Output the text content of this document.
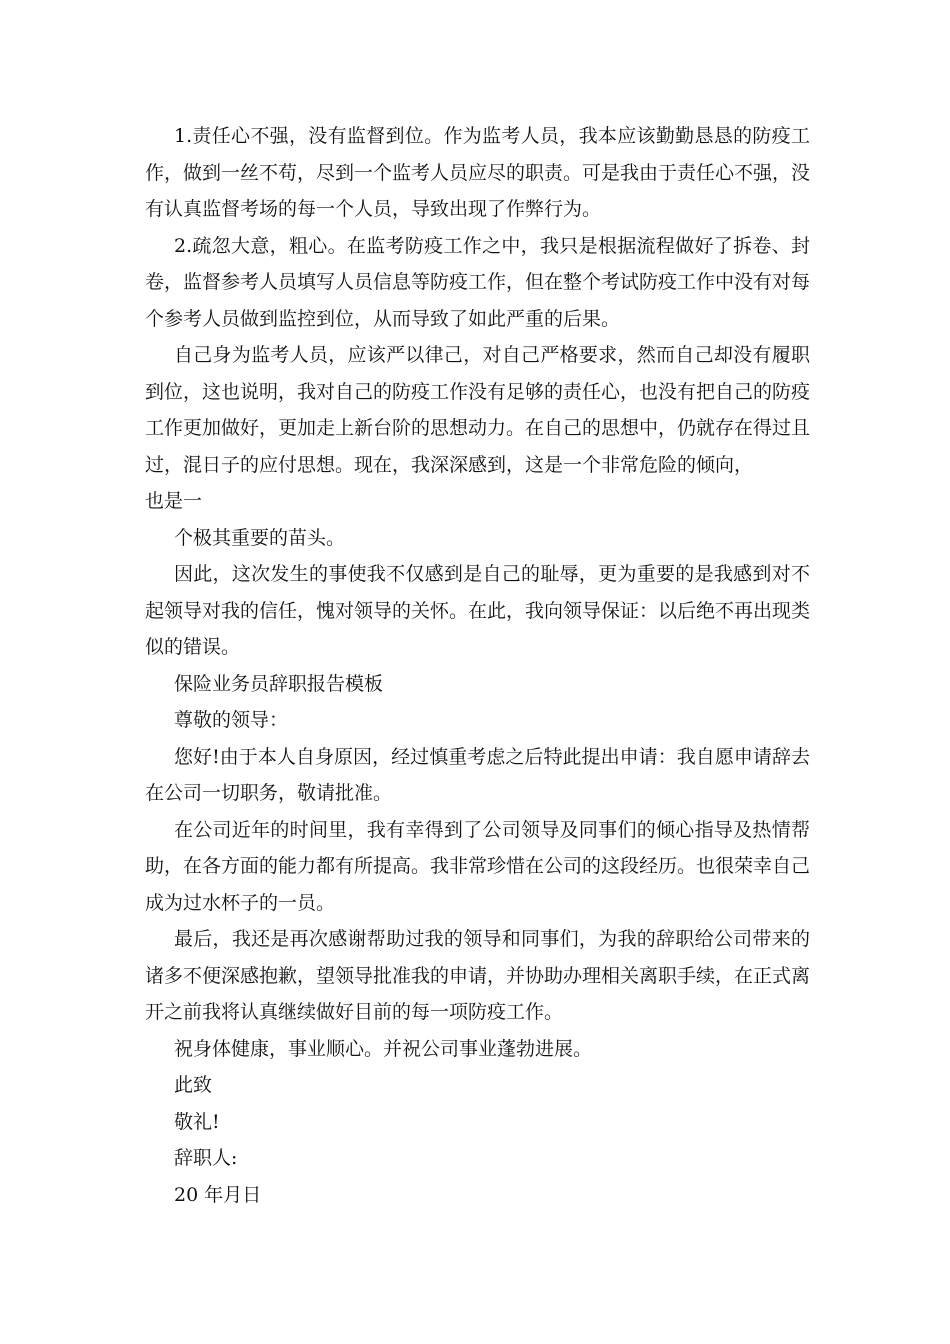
1.责任心不强，没有监督到位。作为监考人员，我本应该勤勤恳恳的防疫工作，做到一丝不苟，尽到一个监考人员应尽的职责。可是我由于责任心不强，没有认真监督考场的每一个人员，导致出现了作弊行为。

2.疏忽大意，粗心。在监考防疫工作之中，我只是根据流程做好了拆卷、封卷，监督参考人员填写人员信息等防疫工作，但在整个考试防疫工作中没有对每个参考人员做到监控到位，从而导致了如此严重的后果。

自己身为监考人员，应该严以律己，对自己严格要求，然而自己却没有履职到位，这也说明，我对自己的防疫工作没有足够的责任心，也没有把自己的防疫工作更加做好，更加走上新台阶的思想动力。在自己的思想中，仍就存在得过且过，混日子的应付思想。现在，我深深感到，这是一个非常危险的倾向，

也是一

个极其重要的苗头。

因此，这次发生的事使我不仅感到是自己的耻辱，更为重要的是我感到对不起领导对我的信任，愧对领导的关怀。在此，我向领导保证：以后绝不再出现类似的错误。

保险业务员辞职报告模板

尊敬的领导：

您好!由于本人自身原因，经过慎重考虑之后特此提出申请：我自愿申请辞去在公司一切职务，敬请批准。

在公司近年的时间里，我有幸得到了公司领导及同事们的倾心指导及热情帮助，在各方面的能力都有所提高。我非常珍惜在公司的这段经历。也很荣幸自己成为过水杯子的一员。

最后，我还是再次感谢帮助过我的领导和同事们，为我的辞职给公司带来的诸多不便深感抱歉，望领导批准我的申请，并协助办理相关离职手续，在正式离开之前我将认真继续做好目前的每一项防疫工作。

祝身体健康，事业顺心。并祝公司事业蓬勃进展。

此致

敬礼!

辞职人:

20 年月日
